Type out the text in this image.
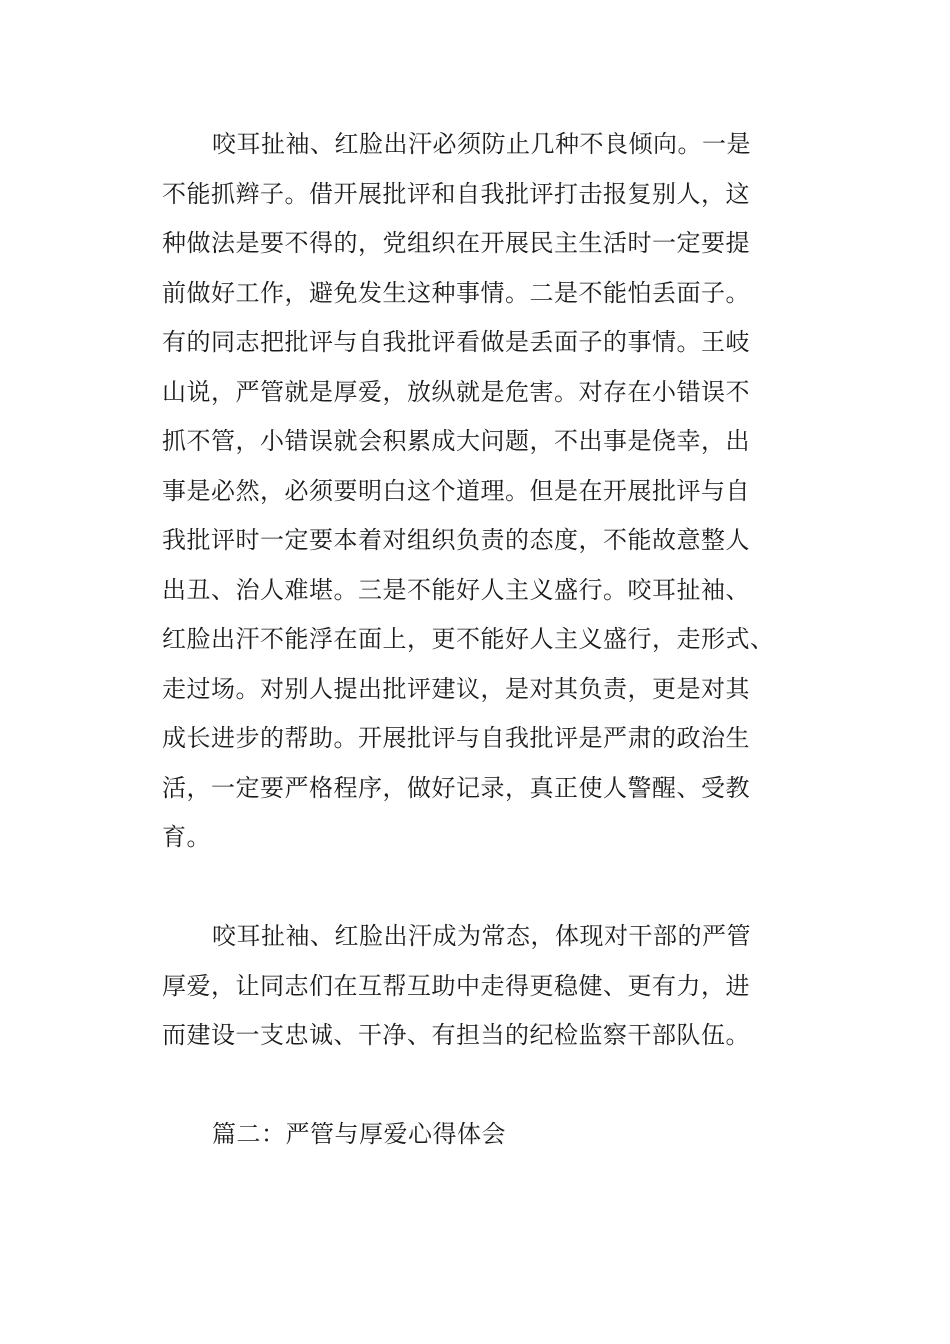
咬耳扯袖、红脸出汗必须防止几种不良倾向。一是
不能抓辫子。借开展批评和自我批评打击报复别人，这
种做法是要不得的，党组织在开展民主生活时一定要提
前做好工作，避免发生这种事情。二是不能怕丢面子。
有的同志把批评与自我批评看做是丢面子的事情。王岐
山说，严管就是厚爱，放纵就是危害。对存在小错误不
抓不管，小错误就会积累成大问题，不出事是侥幸，出
事是必然，必须要明白这个道理。但是在开展批评与自
我批评时一定要本着对组织负责的态度，不能故意整人
出丑、治人难堪。三是不能好人主义盛行。咬耳扯袖、
红脸出汗不能浮在面上，更不能好人主义盛行，走形式、
走过场。对别人提出批评建议，是对其负责，更是对其
成长进步的帮助。开展批评与自我批评是严肃的政治生
活，一定要严格程序，做好记录，真正使人警醒、受教
育。
咬耳扯袖、红脸出汗成为常态，体现对干部的严管
厚爱，让同志们在互帮互助中走得更稳健、更有力，进
而建设一支忠诚、干净、有担当的纪检监察干部队伍。
篇二：严管与厚爱心得体会
